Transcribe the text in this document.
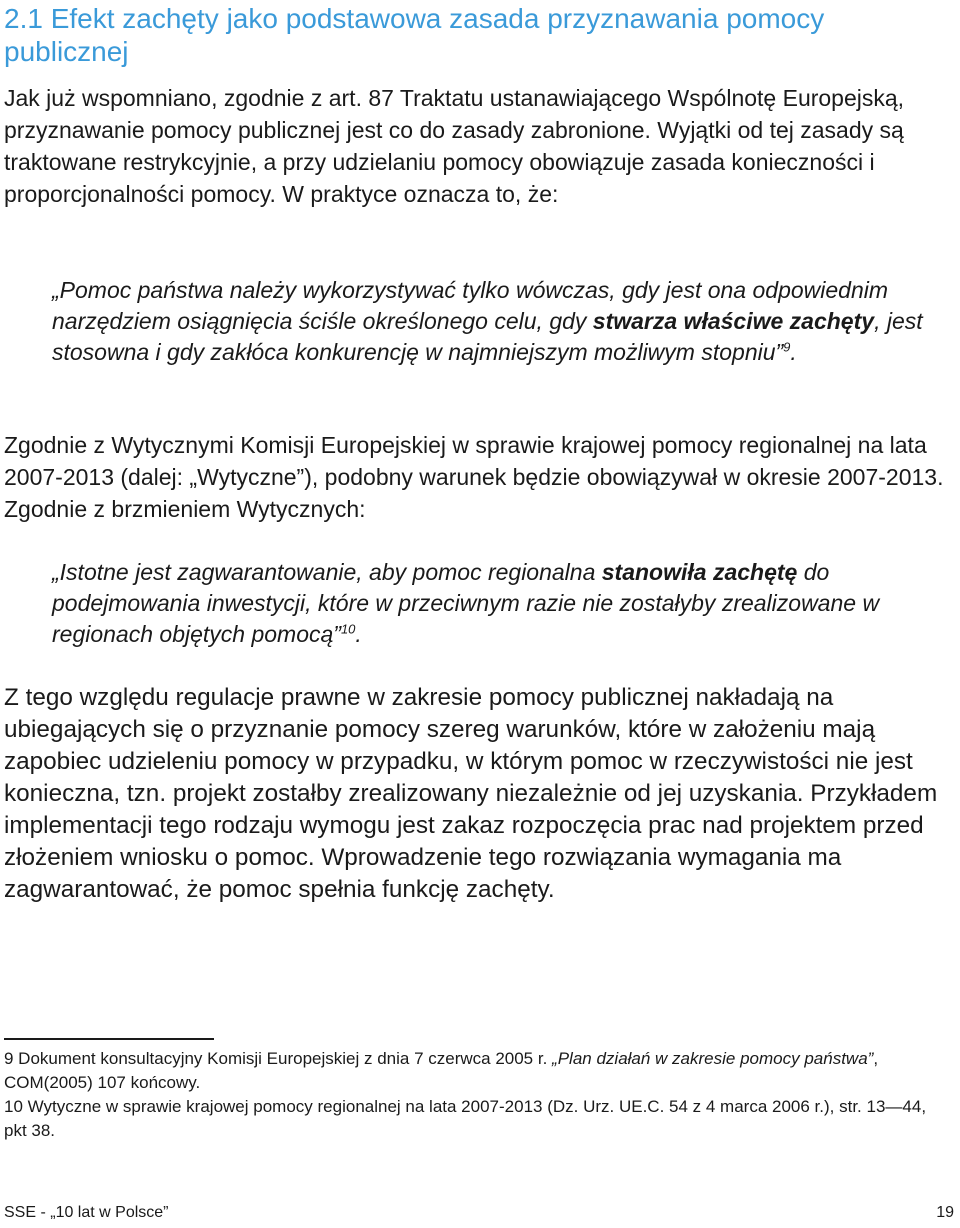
2.1 Efekt zachęty jako podstawowa zasada przyznawania pomocy publicznej

Jak już wspomniano, zgodnie z art. 87 Traktatu ustanawiającego Wspólnotę Europejską, przyznawanie pomocy publicznej jest co do zasady zabronione. Wyjątki od tej zasady są traktowane restrykcyjnie, a przy udzielaniu pomocy obowiązuje zasada konieczności i proporcjonalności pomocy. W praktyce oznacza to, że:

„Pomoc państwa należy wykorzystywać tylko wówczas, gdy jest ona odpowiednim narzędziem osiągnięcia ściśle określonego celu, gdy stwarza właściwe zachęty, jest stosowna i gdy zakłóca konkurencję w najmniejszym możliwym stopniu”$^9$.

Zgodnie z Wytycznymi Komisji Europejskiej w sprawie krajowej pomocy regionalnej na lata 2007-2013 (dalej: „Wytyczne”), podobny warunek będzie obowiązywał w okresie 2007-2013. Zgodnie z brzmieniem Wytycznych:

„Istotne jest zagwarantowanie, aby pomoc regionalna stanowiła zachętę do podejmowania inwestycji, które w przeciwnym razie nie zostałyby zrealizowane w regionach objętych pomocą”$^{10}$.

Z tego względu regulacje prawne w zakresie pomocy publicznej nakładają na ubiegających się o przyznanie pomocy szereg warunków, które w założeniu mają zapobiec udzieleniu pomocy w przypadku, w którym pomoc w rzeczywistości nie jest konieczna, tzn. projekt zostałby zrealizowany niezależnie od jej uzyskania. Przykładem implementacji tego rodzaju wymogu jest zakaz rozpoczęcia prac nad projektem przed złożeniem wniosku o pomoc. Wprowadzenie tego rozwiązania wymagania ma zagwarantować, że pomoc spełnia funkcję zachęty.

9 Dokument konsultacyjny Komisji Europejskiej z dnia 7 czerwca 2005 r. „Plan działań w zakresie pomocy państwa”, COM(2005) 107 końcowy.

10 Wytyczne w sprawie krajowej pomocy regionalnej na lata 2007-2013 (Dz. Urz. UE.C. 54 z 4 marca 2006 r.), str. 13—44, pkt 38.

SSE - „10 lat w Polsce”	19
